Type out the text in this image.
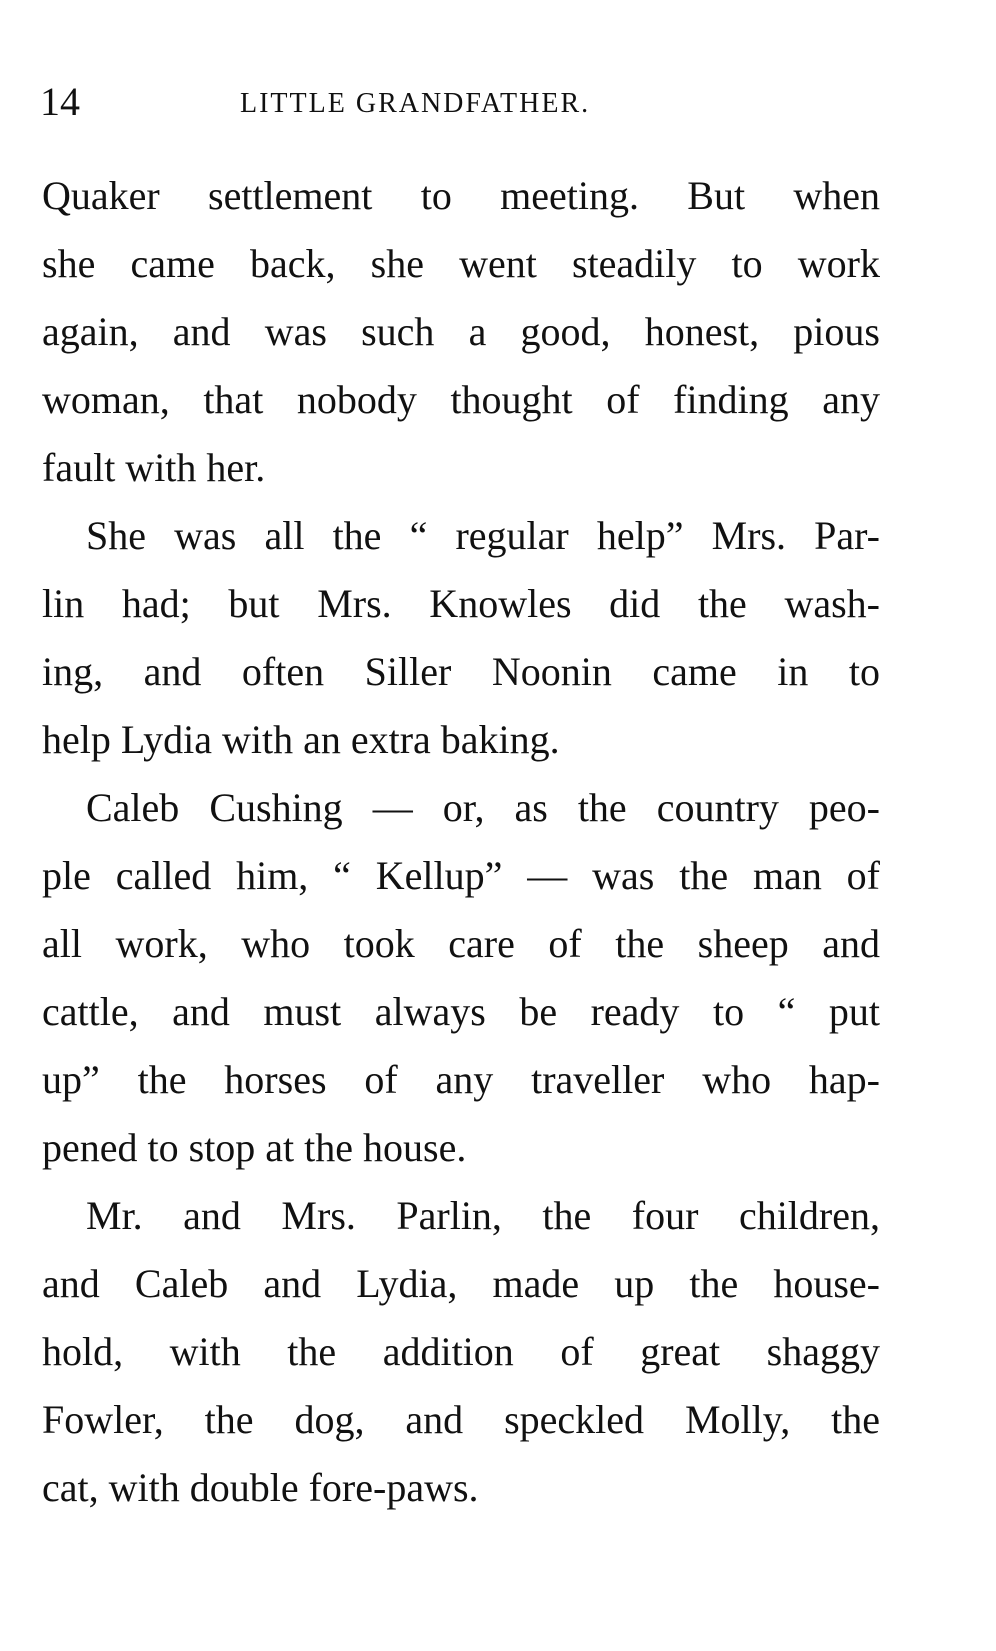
14	LITTLE GRANDFATHER.
Quaker settlement to meeting. But when
she came back, she went steadily to work
again, and was such a good, honest, pious
woman, that nobody thought of finding any
fault with her.
She was all the “ regular help” Mrs. Par-
lin had; but Mrs. Knowles did the wash-
ing, and often Siller Noonin came in to
help Lydia with an extra baking.
Caleb Cushing — or, as the country peo-
ple called him, “ Kellup” — was the man of
all work, who took care of the sheep and
cattle, and must always be ready to “ put
up” the horses of any traveller who hap-
pened to stop at the house.
Mr. and Mrs. Parlin, the four children,
and Caleb and Lydia, made up the house-
hold, with the addition of great shaggy
Fowler, the dog, and speckled Molly, the
cat, with double fore-paws.
